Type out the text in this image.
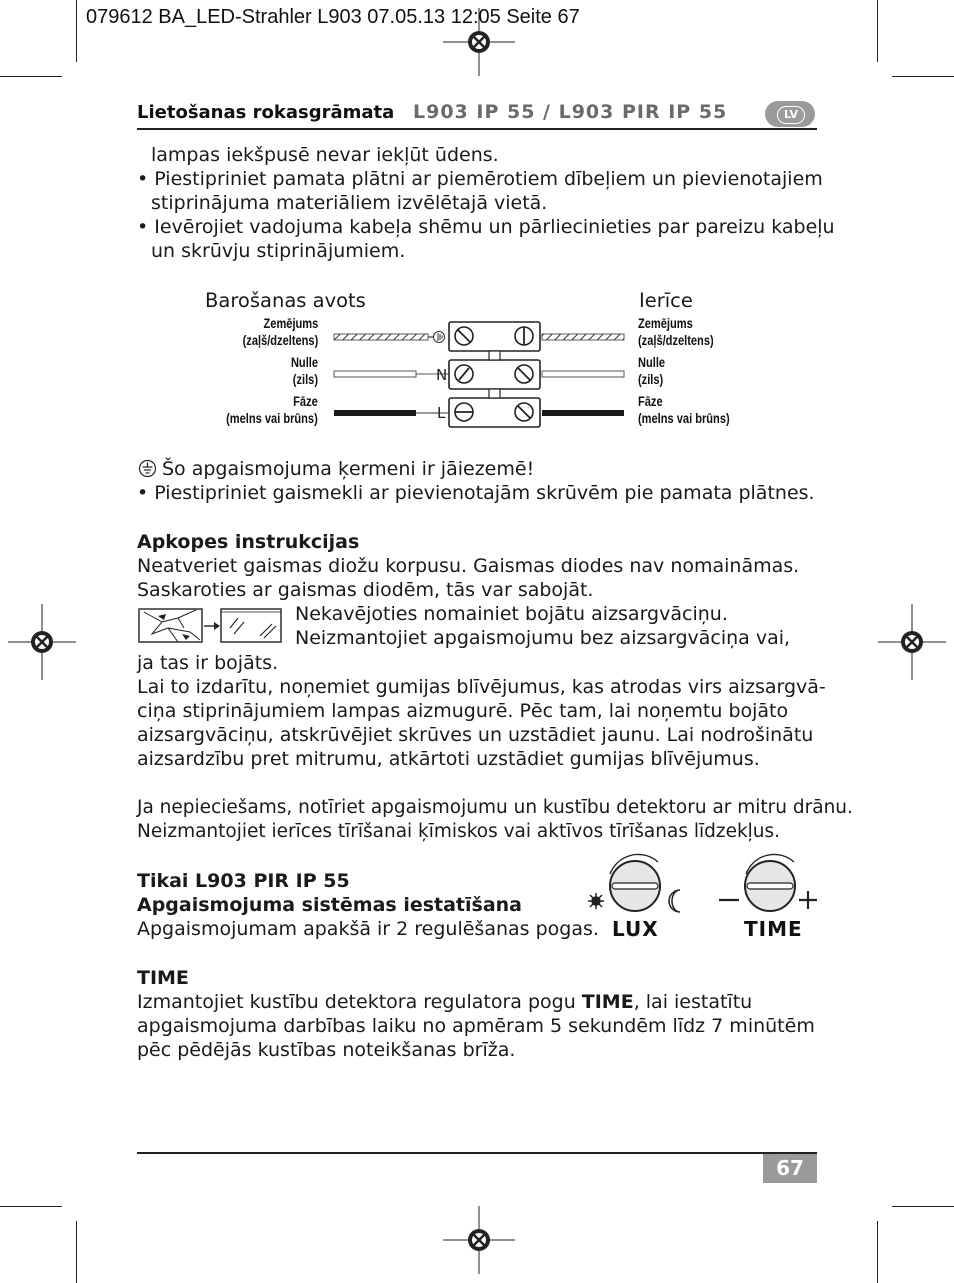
079612 BA_LED-Strahler L903 07.05.13 12:05 Seite 67
Lietošanas rokasgrāmata L903 IP 55 / L903 PIR IP 55	LV
lampas iekšpusē nevar iekļūt ūdens.
• Piestipriniet pamata plātni ar piemērotiem dībeļiem un pievienotajiem
stiprinājuma materiāliem izvēlētajā vietā.
• Ievērojiet vadojuma kabeļa shēmu un pārliecinieties par pareizu kabeļu
un skrūvju stiprinājumiem.
Barošanas avots	Ierīce
Zemējums
(zaļš/dzeltens)
Nulle
(zils)
Fāze
(melns vai brūns)
Zemējums
(zaļš/dzeltens)
Nulle
(zils)
Fāze
(melns vai brūns)
N
L
Šo apgaismojuma ķermeni ir jāiezemē!
• Piestipriniet gaismekli ar pievienotajām skrūvēm pie pamata plātnes.
Apkopes instrukcijas
Neatveriet gaismas diožu korpusu. Gaismas diodes nav nomaināmas.
Saskaroties ar gaismas diodēm, tās var sabojāt.
Nekavējoties nomainiet bojātu aizsargvāciņu.
Neizmantojiet apgaismojumu bez aizsargvāciņa vai,
ja tas ir bojāts.
Lai to izdarītu, noņemiet gumijas blīvējumus, kas atrodas virs aizsargvā-
ciņa stiprinājumiem lampas aizmugurē. Pēc tam, lai noņemtu bojāto
aizsargvāciņu, atskrūvējiet skrūves un uzstādiet jaunu. Lai nodrošinātu
aizsardzību pret mitrumu, atkārtoti uzstādiet gumijas blīvējumus.
Ja nepieciešams, notīriet apgaismojumu un kustību detektoru ar mitru drānu.
Neizmantojiet ierīces tīrīšanai ķīmiskos vai aktīvos tīrīšanas līdzekļus.
Tikai L903 PIR IP 55
Apgaismojuma sistēmas iestatīšana
Apgaismojumam apakšā ir 2 regulēšanas pogas. LUX	TIME
TIME
Izmantojiet kustību detektora regulatora pogu TIME, lai iestatītu
apgaismojuma darbības laiku no apmēram 5 sekundēm līdz 7 minūtēm
pēc pēdējās kustības noteikšanas brīža.
67
